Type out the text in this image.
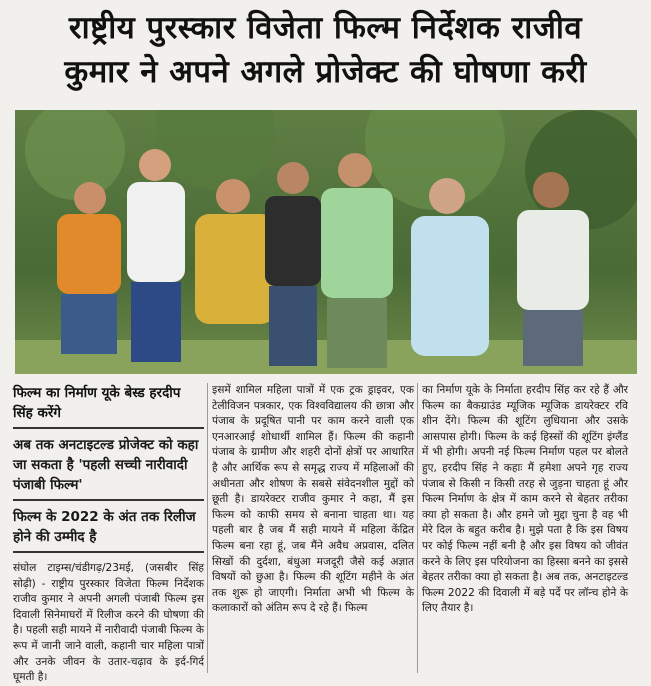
राष्ट्रीय पुरस्कार विजेता फिल्म निर्देशक राजीव
कुमार ने अपने अगले प्रोजेक्ट की घोषणा करी
फिल्म का निर्माण यूके बेस्ड हरदीप सिंह करेंगे
अब तक अनटाइटल्ड प्रोजेक्ट को कहा जा सकता है 'पहली सच्ची नारीवादी पंजाबी फिल्म'
फिल्म के 2022 के अंत तक रिलीज होने की उम्मीद है
संघोल टाइम्स/चंडीगढ़/23मई, (जसबीर सिंह सोढ़ी) - राष्ट्रीय पुरस्कार विजेता फिल्म निर्देशक राजीव कुमार ने अपनी अगली पंजाबी फिल्म इस दिवाली सिनेमाघरों में रिलीज करने की घोषणा की है। पहली सही मायने में नारीवादी पंजाबी फिल्म के रूप में जानी जाने वाली, कहानी चार महिला पात्रों और उनके जीवन के उतार-चढ़ाव के इर्द-गिर्द घूमती है।
इसमें शामिल महिला पात्रों में एक ट्रक ड्राइवर, एक टेलीविजन पत्रकार, एक विश्वविद्यालय की छात्रा और पंजाब के प्रदूषित पानी पर काम करने वाली एक एनआरआई शोधार्थी शामिल हैं। फिल्म की कहानी पंजाब के ग्रामीण और शहरी दोनों क्षेत्रों पर आधारित है और आर्थिक रूप से समृद्ध राज्य में महिलाओं की अधीनता और शोषण के सबसे संवेदनशील मुद्दों को छूती है। डायरेक्टर राजीव कुमार ने कहा, मैं इस फिल्म को काफी समय से बनाना चाहता था। यह पहली बार है जब मैं सही मायने में महिला केंद्रित फिल्म बना रहा हूं, जब मैंने अवैध अप्रवास, दलित सिखों की दुर्दशा, बंधुआ मजदूरी जैसे कई अज्ञात विषयों को छुआ है। फिल्म की शूटिंग महीने के अंत तक शुरू हो जाएगी। निर्माता अभी भी फिल्म के कलाकारों को अंतिम रूप दे रहे हैं। फिल्म
का निर्माण यूके के निर्माता हरदीप सिंह कर रहे हैं और फिल्म का बैकग्राउंड म्यूजिक म्यूजिक डायरेक्टर रवि शीन देंगे। फिल्म की शूटिंग लुधियाना और उसके आसपास होगी। फिल्म के कई हिस्सों की शूटिंग इंग्लैंड में भी होगी। अपनी नई फिल्म निर्माण पहल पर बोलते हुए, हरदीप सिंह ने कहाः मैं हमेशा अपने गृह राज्य पंजाब से किसी न किसी तरह से जुड़ना चाहता हूं और फिल्म निर्माण के क्षेत्र में काम करने से बेहतर तरीका क्या हो सकता है। और हमने जो मुद्दा चुना है वह भी मेरे दिल के बहुत करीब है। मुझे पता है कि इस विषय पर कोई फिल्म नहीं बनी है और इस विषय को जीवंत करने के लिए इस परियोजना का हिस्सा बनने का इससे बेहतर तरीका क्या हो सकता है। अब तक, अनटाइटल्ड फिल्म 2022 की दिवाली में बड़े पर्दे पर लॉन्च होने के लिए तैयार है।
